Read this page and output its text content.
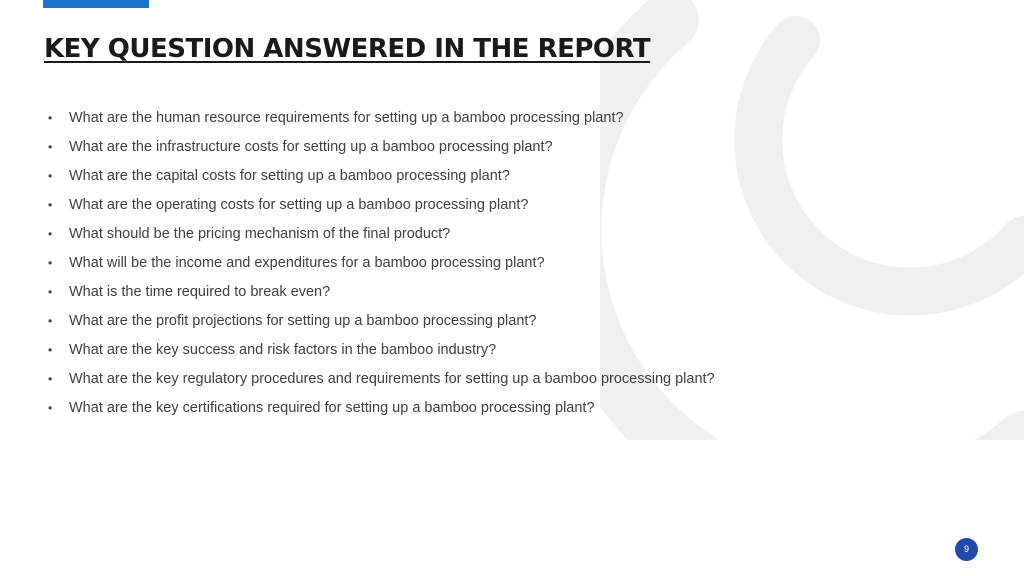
KEY QUESTION ANSWERED IN THE REPORT
•	What are the human resource requirements for setting up a bamboo processing plant?
•	What are the infrastructure costs for setting up a bamboo processing plant?
•	What are the capital costs for setting up a bamboo processing plant?
•	What are the operating costs for setting up a bamboo processing plant?
•	What should be the pricing mechanism of the final product?
•	What will be the income and expenditures for a bamboo processing plant?
•	What is the time required to break even?
•	What are the profit projections for setting up a bamboo processing plant?
•	What are the key success and risk factors in the bamboo industry?
•	What are the key regulatory procedures and requirements for setting up a bamboo processing plant?
•	What are the key certifications required for setting up a bamboo processing plant?
9
